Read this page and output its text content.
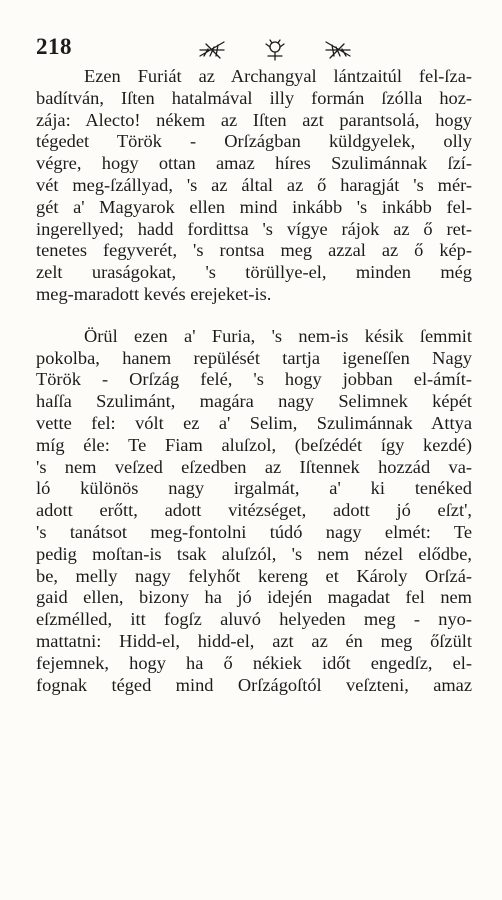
218
Ezen Furiát az Archangyal lántzaitúl fel-ſza-
badítván, Iſten hatalmával illy formán ſzólla hoz-
zája: Alecto! nékem az Iſten azt parantsolá, hogy
tégedet Török - Orſzágban küldgyelek, olly
végre, hogy ottan amaz híres Szulimánnak ſzí-
vét meg-ſzállyad, 's az által az ő haragját 's mér-
gét a' Magyarok ellen mind inkább 's inkább fel-
ingerellyed; hadd fordittsa 's vígye rájok az ő ret-
tenetes fegyverét, 's rontsa meg azzal az ő kép-
zelt uraságokat, 's törüllye-el, minden még
meg-maradott kevés erejeket-is.
Örül ezen a' Furia, 's nem-is késik ſemmit
pokolba, hanem repülését tartja igeneſſen Nagy
Török - Orſzág felé, 's hogy jobban el-ámít-
haſſa Szulimánt, magára nagy Selimnek képét
vette fel: vólt ez a' Selim, Szulimánnak Attya
míg éle: Te Fiam aluſzol, (beſzédét így kezdé)
's nem veſzed eſzedben az Iſtennek hozzád va-
ló különös nagy irgalmát, a' ki tenéked
adott erőtt, adott vitézséget, adott jó eſzt',
's tanátsot meg-fontolni túdó nagy elmét: Te
pedig moſtan-is tsak aluſzól, 's nem nézel elődbe,
be, melly nagy felyhőt kereng et Károly Orſzá-
gaid ellen, bizony ha jó idején magadat fel nem
eſzmélled, itt fogſz aluvó helyeden meg - nyo-
mattatni: Hidd-el, hidd-el, azt az én meg őſzült
fejemnek, hogy ha ő nékiek időt engedſz, el-
fognak téged mind Orſzágoſtól veſzteni, amaz
